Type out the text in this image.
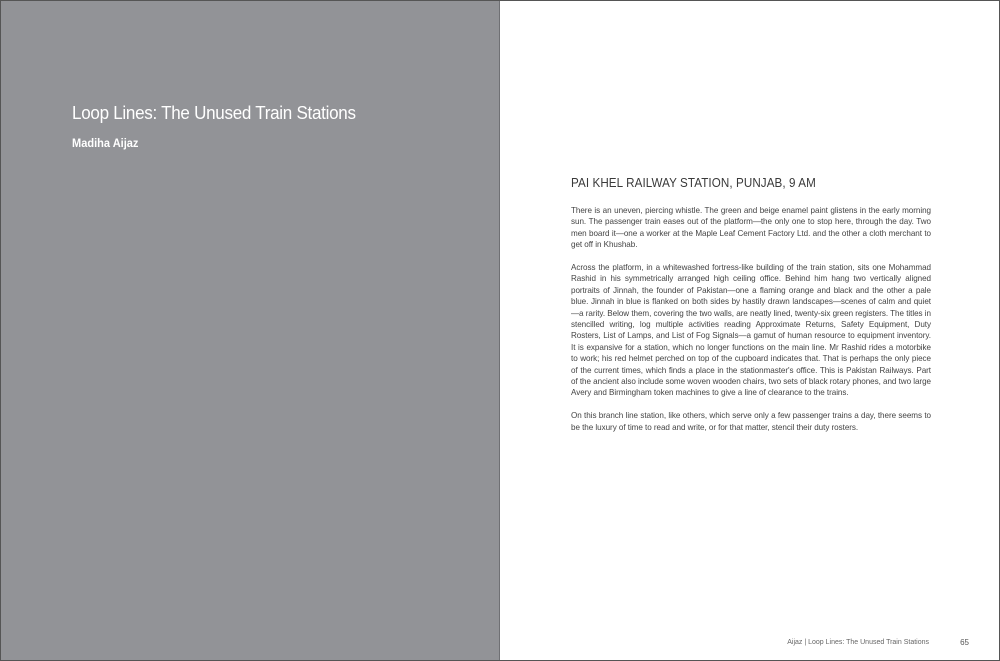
Loop Lines: The Unused Train Stations
Madiha Aijaz
PAI KHEL RAILWAY STATION, PUNJAB, 9 AM

There is an uneven, piercing whistle. The green and beige enamel paint glistens in the early morning sun. The passenger train eases out of the platform—the only one to stop here, through the day. Two men board it—one a worker at the Maple Leaf Cement Factory Ltd. and the other a cloth merchant to get off in Khushab.

Across the platform, in a whitewashed fortress-like building of the train station, sits one Mohammad Rashid in his symmetrically arranged high ceiling office. Behind him hang two vertically aligned portraits of Jinnah, the founder of Pakistan—one a flaming orange and black and the other a pale blue. Jinnah in blue is flanked on both sides by hastily drawn landscapes—scenes of calm and quiet—a rarity. Below them, covering the two walls, are neatly lined, twenty-six green registers. The titles in stencilled writing, log multiple activities reading Approximate Returns, Safety Equipment, Duty Rosters, List of Lamps, and List of Fog Signals—a gamut of human resource to equipment inventory. It is expansive for a station, which no longer functions on the main line. Mr Rashid rides a motorbike to work; his red helmet perched on top of the cupboard indicates that. That is perhaps the only piece of the current times, which finds a place in the stationmaster's office. This is Pakistan Railways. Part of the ancient also include some woven wooden chairs, two sets of black rotary phones, and two large Avery and Birmingham token machines to give a line of clearance to the trains.

On this branch line station, like others, which serve only a few passenger trains a day, there seems to be the luxury of time to read and write, or for that matter, stencil their duty rosters.

Aijaz | Loop Lines: The Unused Train Stations	65
